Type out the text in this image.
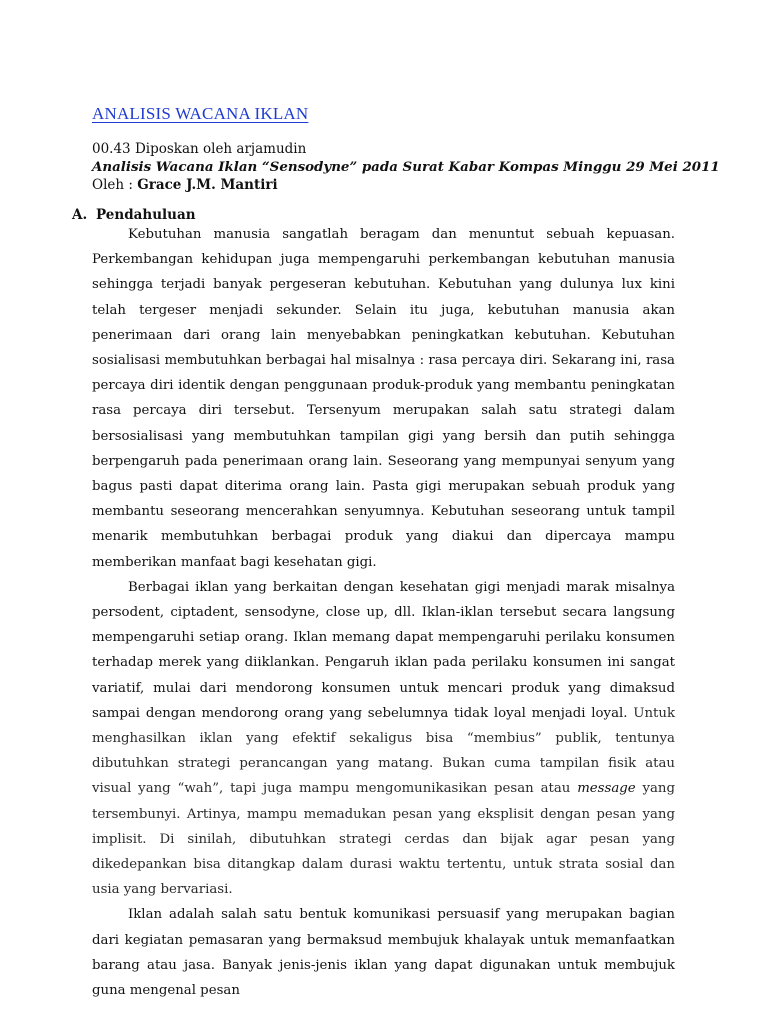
ANALISIS WACANA IKLAN
00.43 Diposkan oleh arjamudin
Analisis Wacana Iklan “Sensodyne” pada Surat Kabar Kompas Minggu 29 Mei 2011
Oleh : Grace J.M. Mantiri
A. Pendahuluan

Kebutuhan manusia sangatlah beragam dan menuntut sebuah kepuasan. Perkembangan kehidupan juga mempengaruhi perkembangan kebutuhan manusia sehingga terjadi banyak pergeseran kebutuhan. Kebutuhan yang dulunya lux kini telah tergeser menjadi sekunder. Selain itu juga, kebutuhan manusia akan penerimaan dari orang lain menyebabkan peningkatkan kebutuhan. Kebutuhan sosialisasi membutuhkan berbagai hal misalnya : rasa percaya diri. Sekarang ini, rasa percaya diri identik dengan penggunaan produk-produk yang membantu peningkatan rasa percaya diri tersebut. Tersenyum merupakan salah satu strategi dalam bersosialisasi yang membutuhkan tampilan gigi yang bersih dan putih sehingga berpengaruh pada penerimaan orang lain. Seseorang yang mempunyai senyum yang bagus pasti dapat diterima orang lain. Pasta gigi merupakan sebuah produk yang membantu seseorang mencerahkan senyumnya. Kebutuhan seseorang untuk tampil menarik membutuhkan berbagai produk yang diakui dan dipercaya mampu memberikan manfaat bagi kesehatan gigi.

Berbagai iklan yang berkaitan dengan kesehatan gigi menjadi marak misalnya persodent, ciptadent, sensodyne, close up, dll. Iklan-iklan tersebut secara langsung mempengaruhi setiap orang. Iklan memang dapat mempengaruhi perilaku konsumen terhadap merek yang diiklankan. Pengaruh iklan pada perilaku konsumen ini sangat variatif, mulai dari mendorong konsumen untuk mencari produk yang dimaksud sampai dengan mendorong orang yang sebelumnya tidak loyal menjadi loyal. Untuk menghasilkan iklan yang efektif sekaligus bisa “membius” publik, tentunya dibutuhkan strategi perancangan yang matang. Bukan cuma tampilan fisik atau visual yang “wah”, tapi juga mampu mengomunikasikan pesan atau message yang tersembunyi. Artinya, mampu memadukan pesan yang eksplisit dengan pesan yang implisit. Di sinilah, dibutuhkan strategi cerdas dan bijak agar pesan yang dikedepankan bisa ditangkap dalam durasi waktu tertentu, untuk strata sosial dan usia yang bervariasi.

Iklan adalah salah satu bentuk komunikasi persuasif yang merupakan bagian dari kegiatan pemasaran yang bermaksud membujuk khalayak untuk memanfaatkan barang atau jasa. Banyak jenis-jenis iklan yang dapat digunakan untuk membujuk guna mengenal pesan
